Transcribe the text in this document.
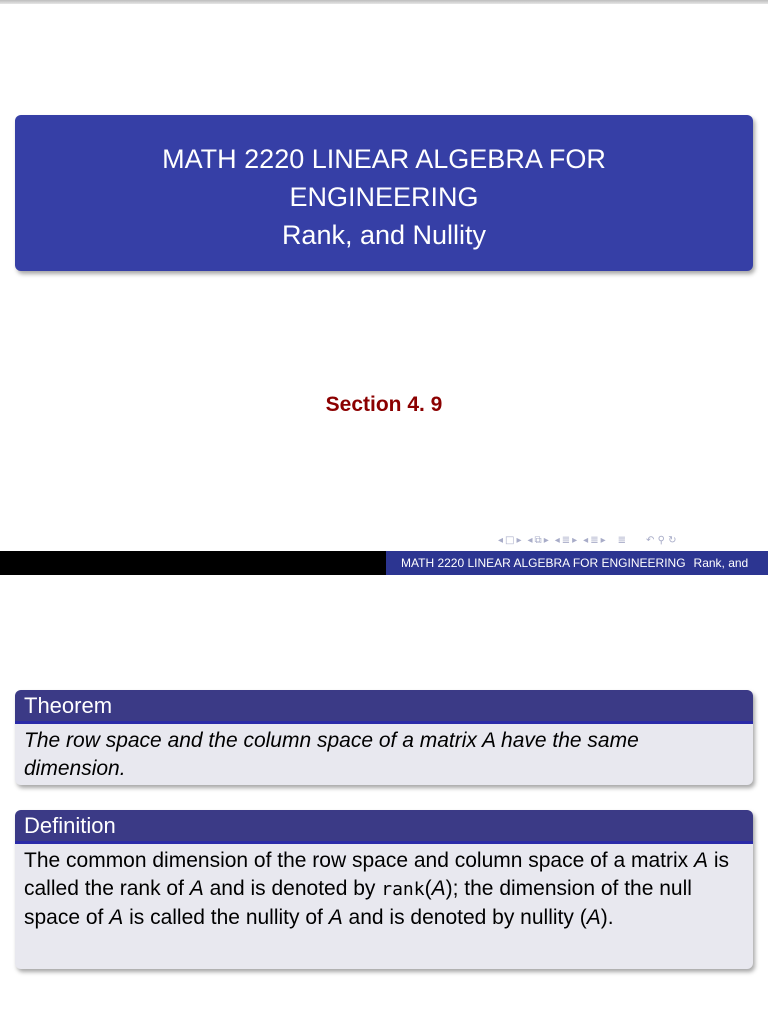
MATH 2220 LINEAR ALGEBRA FOR
ENGINEERING
Rank, and Nullity
Section 4. 9
◂ □ ▸ ◂ ⧉ ▸ ◂ ≣ ▸ ◂ ≣ ▸ ≣ ↶ ⚲ ↻
MATH 2220 LINEAR ALGEBRA FOR ENGINEERING Rank, and
Theorem
The row space and the column space of a matrix A have the same dimension.
Definition
The common dimension of the row space and column space of a matrix A is called the rank of A and is denoted by rank(A); the dimension of the null space of A is called the nullity of A and is denoted by nullity (A).
